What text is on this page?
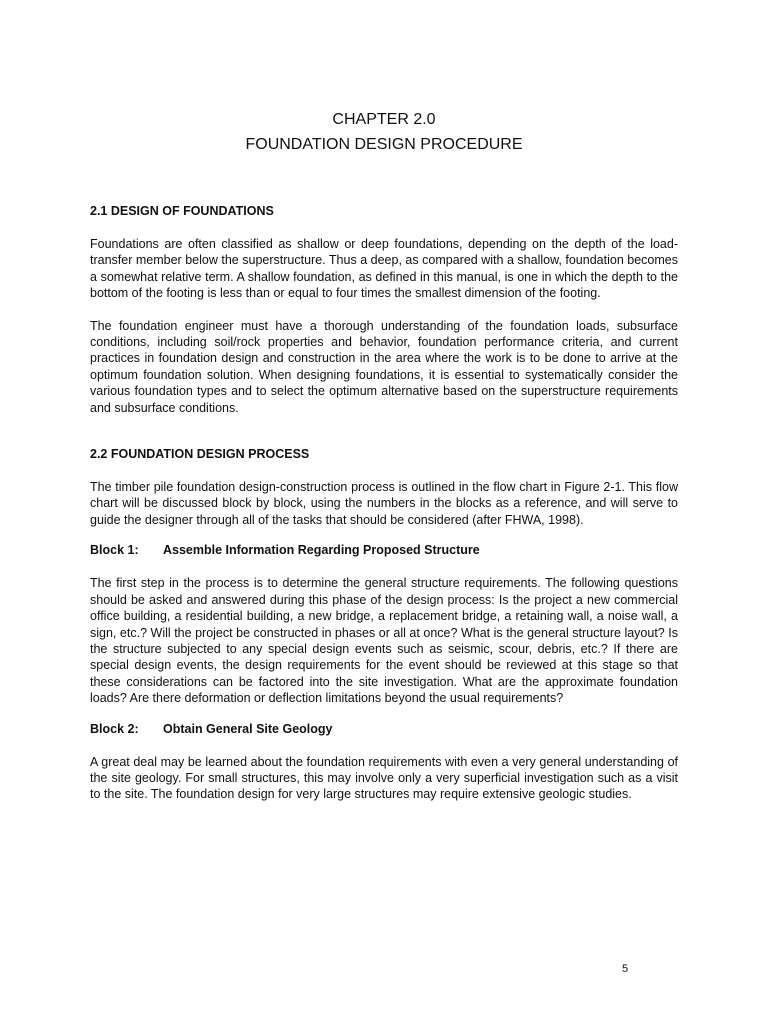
CHAPTER 2.0
FOUNDATION DESIGN PROCEDURE
2.1 DESIGN OF FOUNDATIONS

Foundations are often classified as shallow or deep foundations, depending on the depth of the load-transfer member below the superstructure. Thus a deep, as compared with a shallow, foundation becomes a somewhat relative term. A shallow foundation, as defined in this manual, is one in which the depth to the bottom of the footing is less than or equal to four times the smallest dimension of the footing.

The foundation engineer must have a thorough understanding of the foundation loads, subsurface conditions, including soil/rock properties and behavior, foundation performance criteria, and current practices in foundation design and construction in the area where the work is to be done to arrive at the optimum foundation solution. When designing foundations, it is essential to systematically consider the various foundation types and to select the optimum alternative based on the superstructure requirements and subsurface conditions.

2.2 FOUNDATION DESIGN PROCESS

The timber pile foundation design-construction process is outlined in the flow chart in Figure 2-1. This flow chart will be discussed block by block, using the numbers in the blocks as a reference, and will serve to guide the designer through all of the tasks that should be considered (after FHWA, 1998).

Block 1: Assemble Information Regarding Proposed Structure

The first step in the process is to determine the general structure requirements. The following questions should be asked and answered during this phase of the design process: Is the project a new commercial office building, a residential building, a new bridge, a replacement bridge, a retaining wall, a noise wall, a sign, etc.? Will the project be constructed in phases or all at once? What is the general structure layout? Is the structure subjected to any special design events such as seismic, scour, debris, etc.? If there are special design events, the design requirements for the event should be reviewed at this stage so that these considerations can be factored into the site investigation. What are the approximate foundation loads? Are there deformation or deflection limitations beyond the usual requirements?

Block 2: Obtain General Site Geology

A great deal may be learned about the foundation requirements with even a very general understanding of the site geology. For small structures, this may involve only a very superficial investigation such as a visit to the site. The foundation design for very large structures may require extensive geologic studies.

5
